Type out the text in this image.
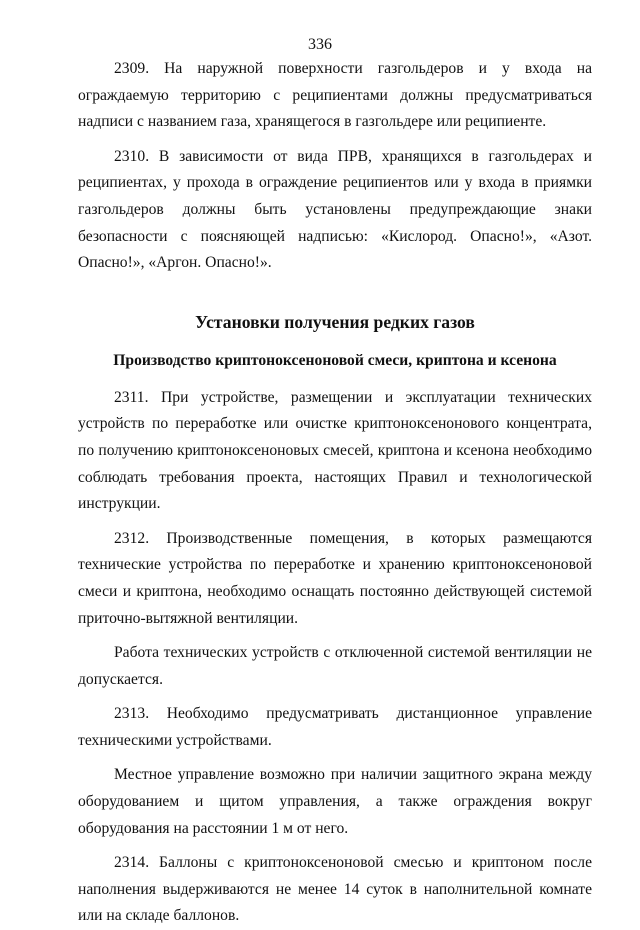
336

2309. На наружной поверхности газгольдеров и у входа на ограждаемую территорию с реципиентами должны предусматриваться надписи с названием газа, хранящегося в газгольдере или реципиенте.

2310. В зависимости от вида ПРВ, хранящихся в газгольдерах и реципиентах, у прохода в ограждение реципиентов или у входа в приямки газгольдеров должны быть установлены предупреждающие знаки безопасности с поясняющей надписью: «Кислород. Опасно!», «Азот. Опасно!», «Аргон. Опасно!».

Установки получения редких газов
Производство криптоноксеноновой смеси, криптона и ксенона

2311. При устройстве, размещении и эксплуатации технических устройств по переработке или очистке криптоноксенонового концентрата, по получению криптоноксеноновых смесей, криптона и ксенона необходимо соблюдать требования проекта, настоящих Правил и технологической инструкции.

2312. Производственные помещения, в которых размещаются технические устройства по переработке и хранению криптоноксеноновой смеси и криптона, необходимо оснащать постоянно действующей системой приточно-вытяжной вентиляции.

Работа технических устройств с отключенной системой вентиляции не допускается.

2313. Необходимо предусматривать дистанционное управление техническими устройствами.

Местное управление возможно при наличии защитного экрана между оборудованием и щитом управления, а также ограждения вокруг оборудования на расстоянии 1 м от него.

2314. Баллоны с криптоноксеноновой смесью и криптоном после наполнения выдерживаются не менее 14 суток в наполнительной комнате или на складе баллонов.
